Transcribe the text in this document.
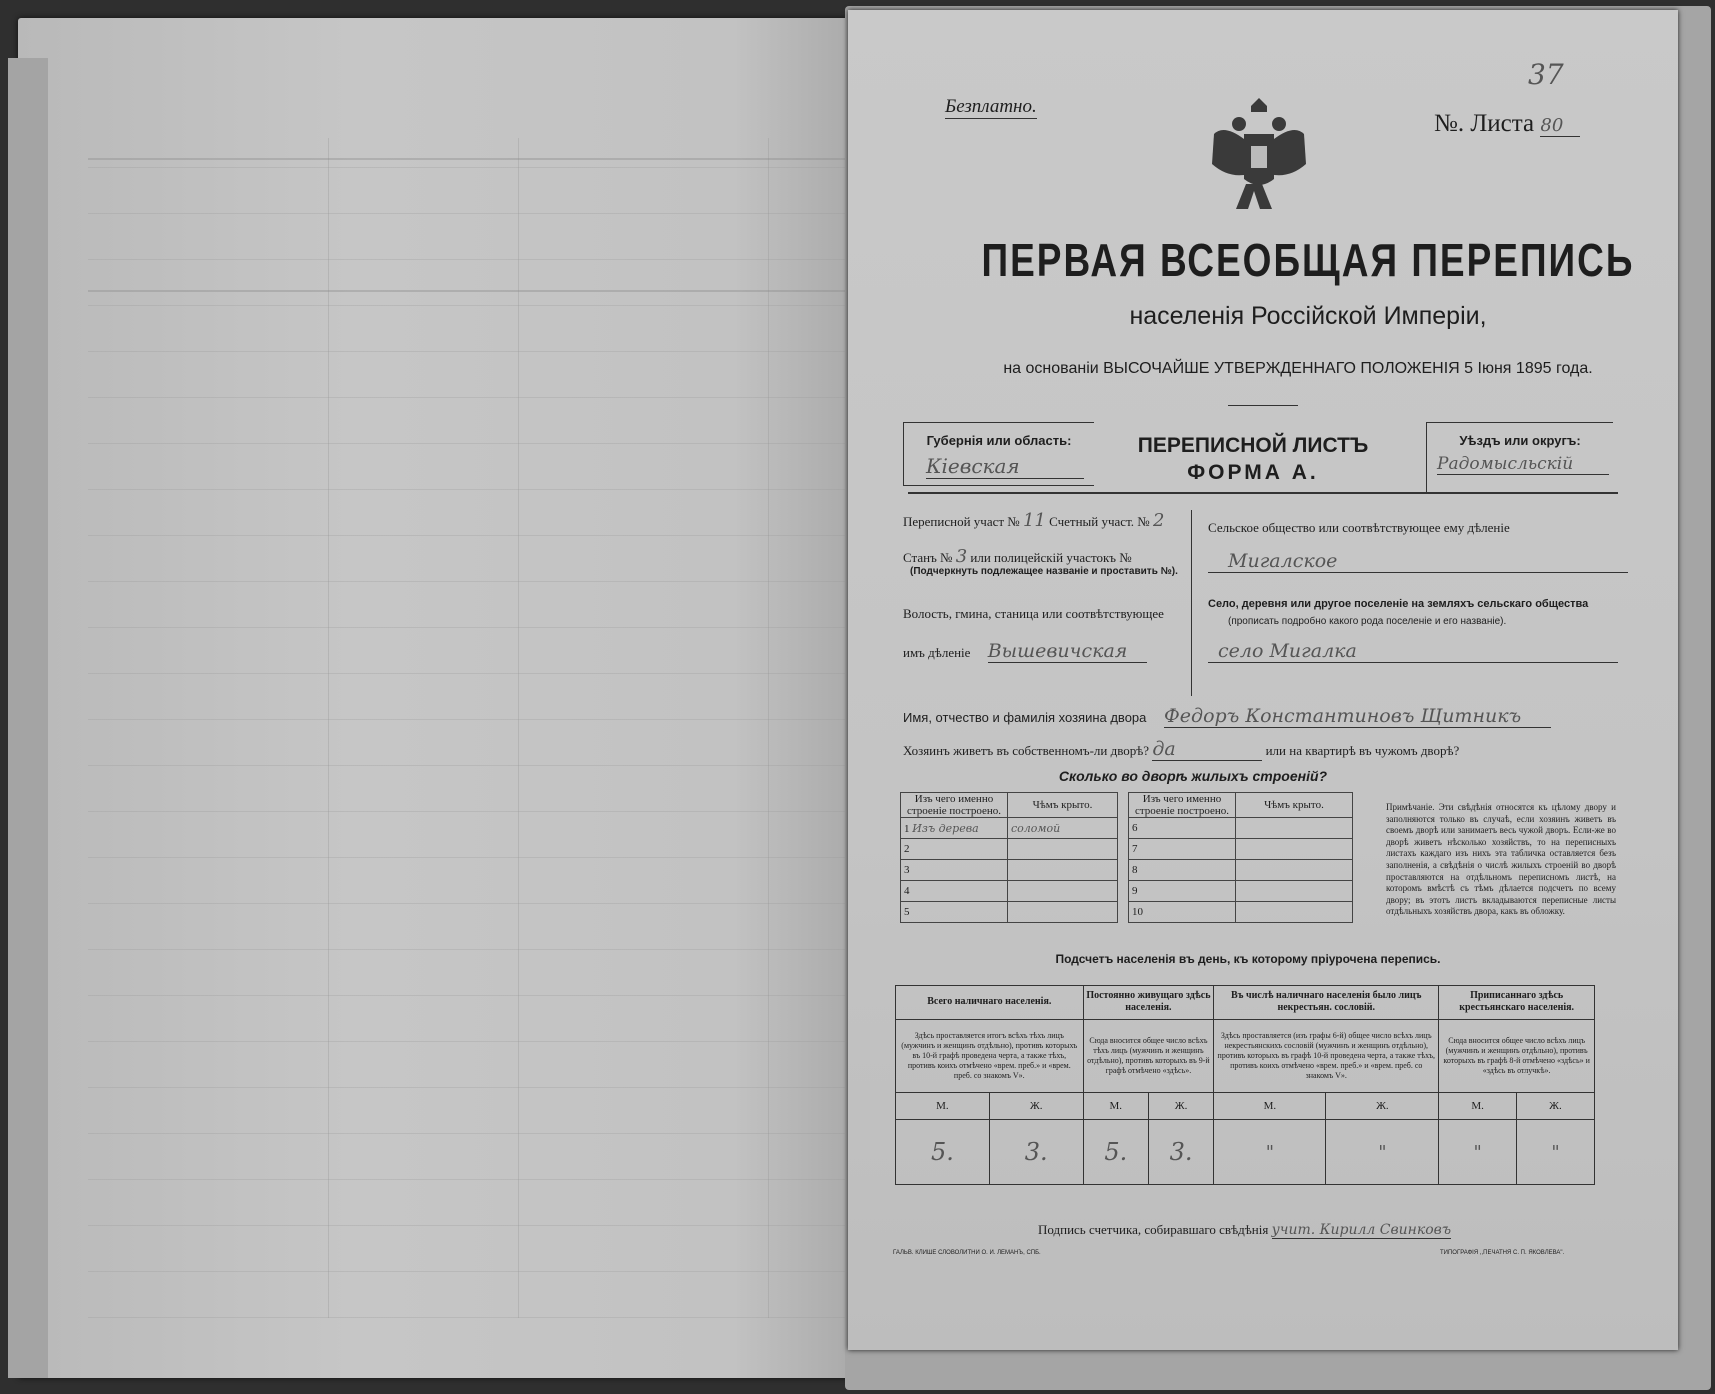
37
Безплатно.
№. Листа 80
ПЕРВАЯ ВСЕОБЩАЯ ПЕРЕПИСЬ
населенія Россійской Имперіи,
на основаніи ВЫСОЧАЙШЕ УТВЕРЖДЕННАГО ПОЛОЖЕНІЯ 5 Іюня 1895 года.
Губернія или область:
Кіевская
ПЕРЕПИСНОЙ ЛИСТЪ
ФОРМА А.
Уѣздъ или округъ:
Радомысльскій
Переписной участ № 11 Счетный участ. № 2
Станъ № 3 или полицейскій участокъ №
(Подчеркнуть подлежащее названіе и проставить №).
Волость, гмина, станица или соотвѣтствующее
имъ дѣленіе Вышевичская
Сельское общество или соотвѣтствующее ему дѣленіе
Мигалское
Село, деревня или другое поселеніе на земляхъ сельскаго общества
(прописать подробно какого рода поселеніе и его названіе).
село Мигалка
Имя, отчество и фамилія хозяина двора Федоръ Константиновъ Щитникъ
Хозяинъ живетъ въ собственномъ-ли дворѣ? да	или на квартирѣ въ чужомъ дворѣ?
Сколько во дворѣ жилыхъ строеній?
Изъ чего именно строеніе построено.	Чѣмъ крыто.
1 Изъ дерева	соломой
2	
3	
4	
5	
Изъ чего именно строеніе построено.	Чѣмъ крыто.
6	
7	
8	
9	
10	
Примѣчаніе. Эти свѣдѣнія относятся къ цѣлому двору и заполняются только въ случаѣ, если хозяинъ живетъ въ своемъ дворѣ или занимаетъ весь чужой дворъ. Если-же во дворѣ живетъ нѣсколько хозяйствъ, то на переписныхъ листахъ каждаго изъ нихъ эта табличка оставляется безъ заполненія, а свѣдѣнія о числѣ жилыхъ строеній во дворѣ проставляются на отдѣльномъ переписномъ листѣ, на которомъ вмѣстѣ съ тѣмъ дѣлается подсчетъ по всему двору; въ этотъ листъ вкладываются переписные листы отдѣльныхъ хозяйствъ двора, какъ въ обложку.
Подсчетъ населенія въ день, къ которому пріурочена перепись.
Всего наличнаго населенія.		Постоянно живущаго здѣсь населенія.		Въ числѣ наличнаго населенія было лицъ некрестьян. сословій.		Приписаннаго здѣсь крестьянскаго населенія.	
Здѣсь проставляется итогъ всѣхъ тѣхъ лицъ (мужчинъ и женщинъ отдѣльно), противъ которыхъ въ 10-й графѣ проведена черта, а также тѣхъ, противъ коихъ отмѣчено «врем. преб.» и «врем. преб. со знакомъ V».		Сюда вносится общее число всѣхъ тѣхъ лицъ (мужчинъ и женщинъ отдѣльно), противъ которыхъ въ 9-й графѣ отмѣчено «здѣсь».		Здѣсь проставляется (изъ графы 6-й) общее число всѣхъ лицъ некрестьянскихъ сословій (мужчинъ и женщинъ отдѣльно), противъ которыхъ въ графѣ 10-й проведена черта, а также тѣхъ, противъ коихъ отмѣчено «врем. преб.» и «врем. преб. со знакомъ V».		Сюда вносится общее число всѣхъ лицъ (мужчинъ и женщинъ отдѣльно), противъ которыхъ въ графѣ 8-й отмѣчено «здѣсь» и «здѣсь въ отлучкѣ».	
М.	Ж.	М.	Ж.	М.	Ж.	М.	Ж.
5.	3.	5.	3.	"	"	"	"
Подпись счетчика, собиравшаго свѣдѣнія учит. Кирилл Свинковъ
ГАЛЬВ. КЛИШЕ СЛОВОЛИТНИ О. И. ЛЕМАНЪ, СПБ.	ТИПОГРАФІЯ ,,ПЕЧАТНЯ С. П. ЯКОВЛЕВА".
